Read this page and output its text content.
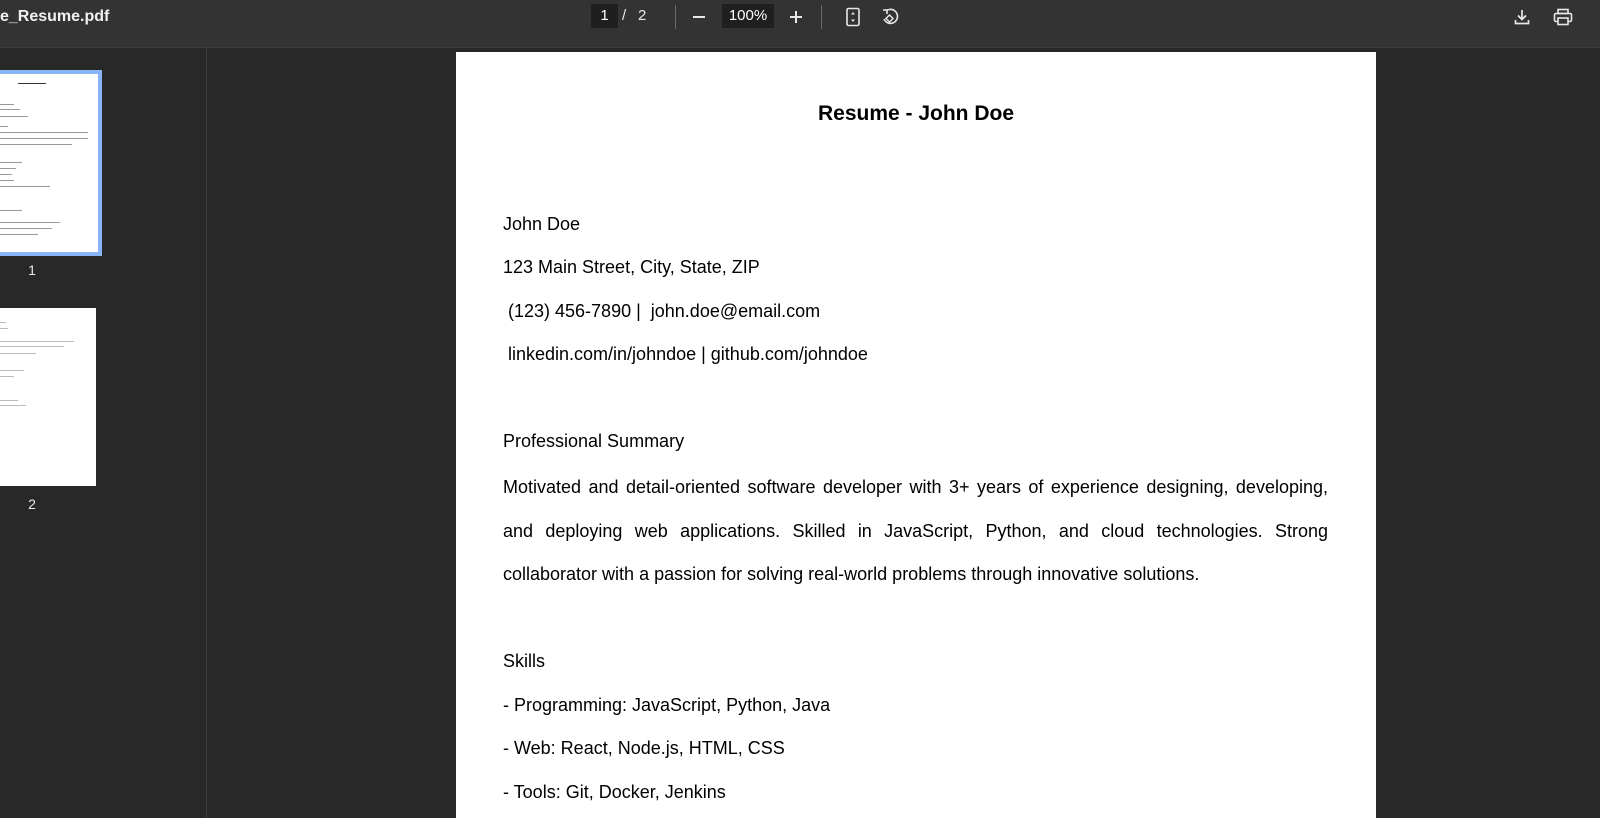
e_Resume.pdf	1 / 2	100%
1
2
Resume - John Doe
John Doe
123 Main Street, City, State, ZIP
(123) 456-7890 |  john.doe@email.com
linkedin.com/in/johndoe | github.com/johndoe
Professional Summary
Motivated and detail-oriented software developer with 3+ years of experience designing, developing, and deploying web applications. Skilled in JavaScript, Python, and cloud technologies. Strong collaborator with a passion for solving real-world problems through innovative solutions.
Skills
- Programming: JavaScript, Python, Java
- Web: React, Node.js, HTML, CSS
- Tools: Git, Docker, Jenkins
